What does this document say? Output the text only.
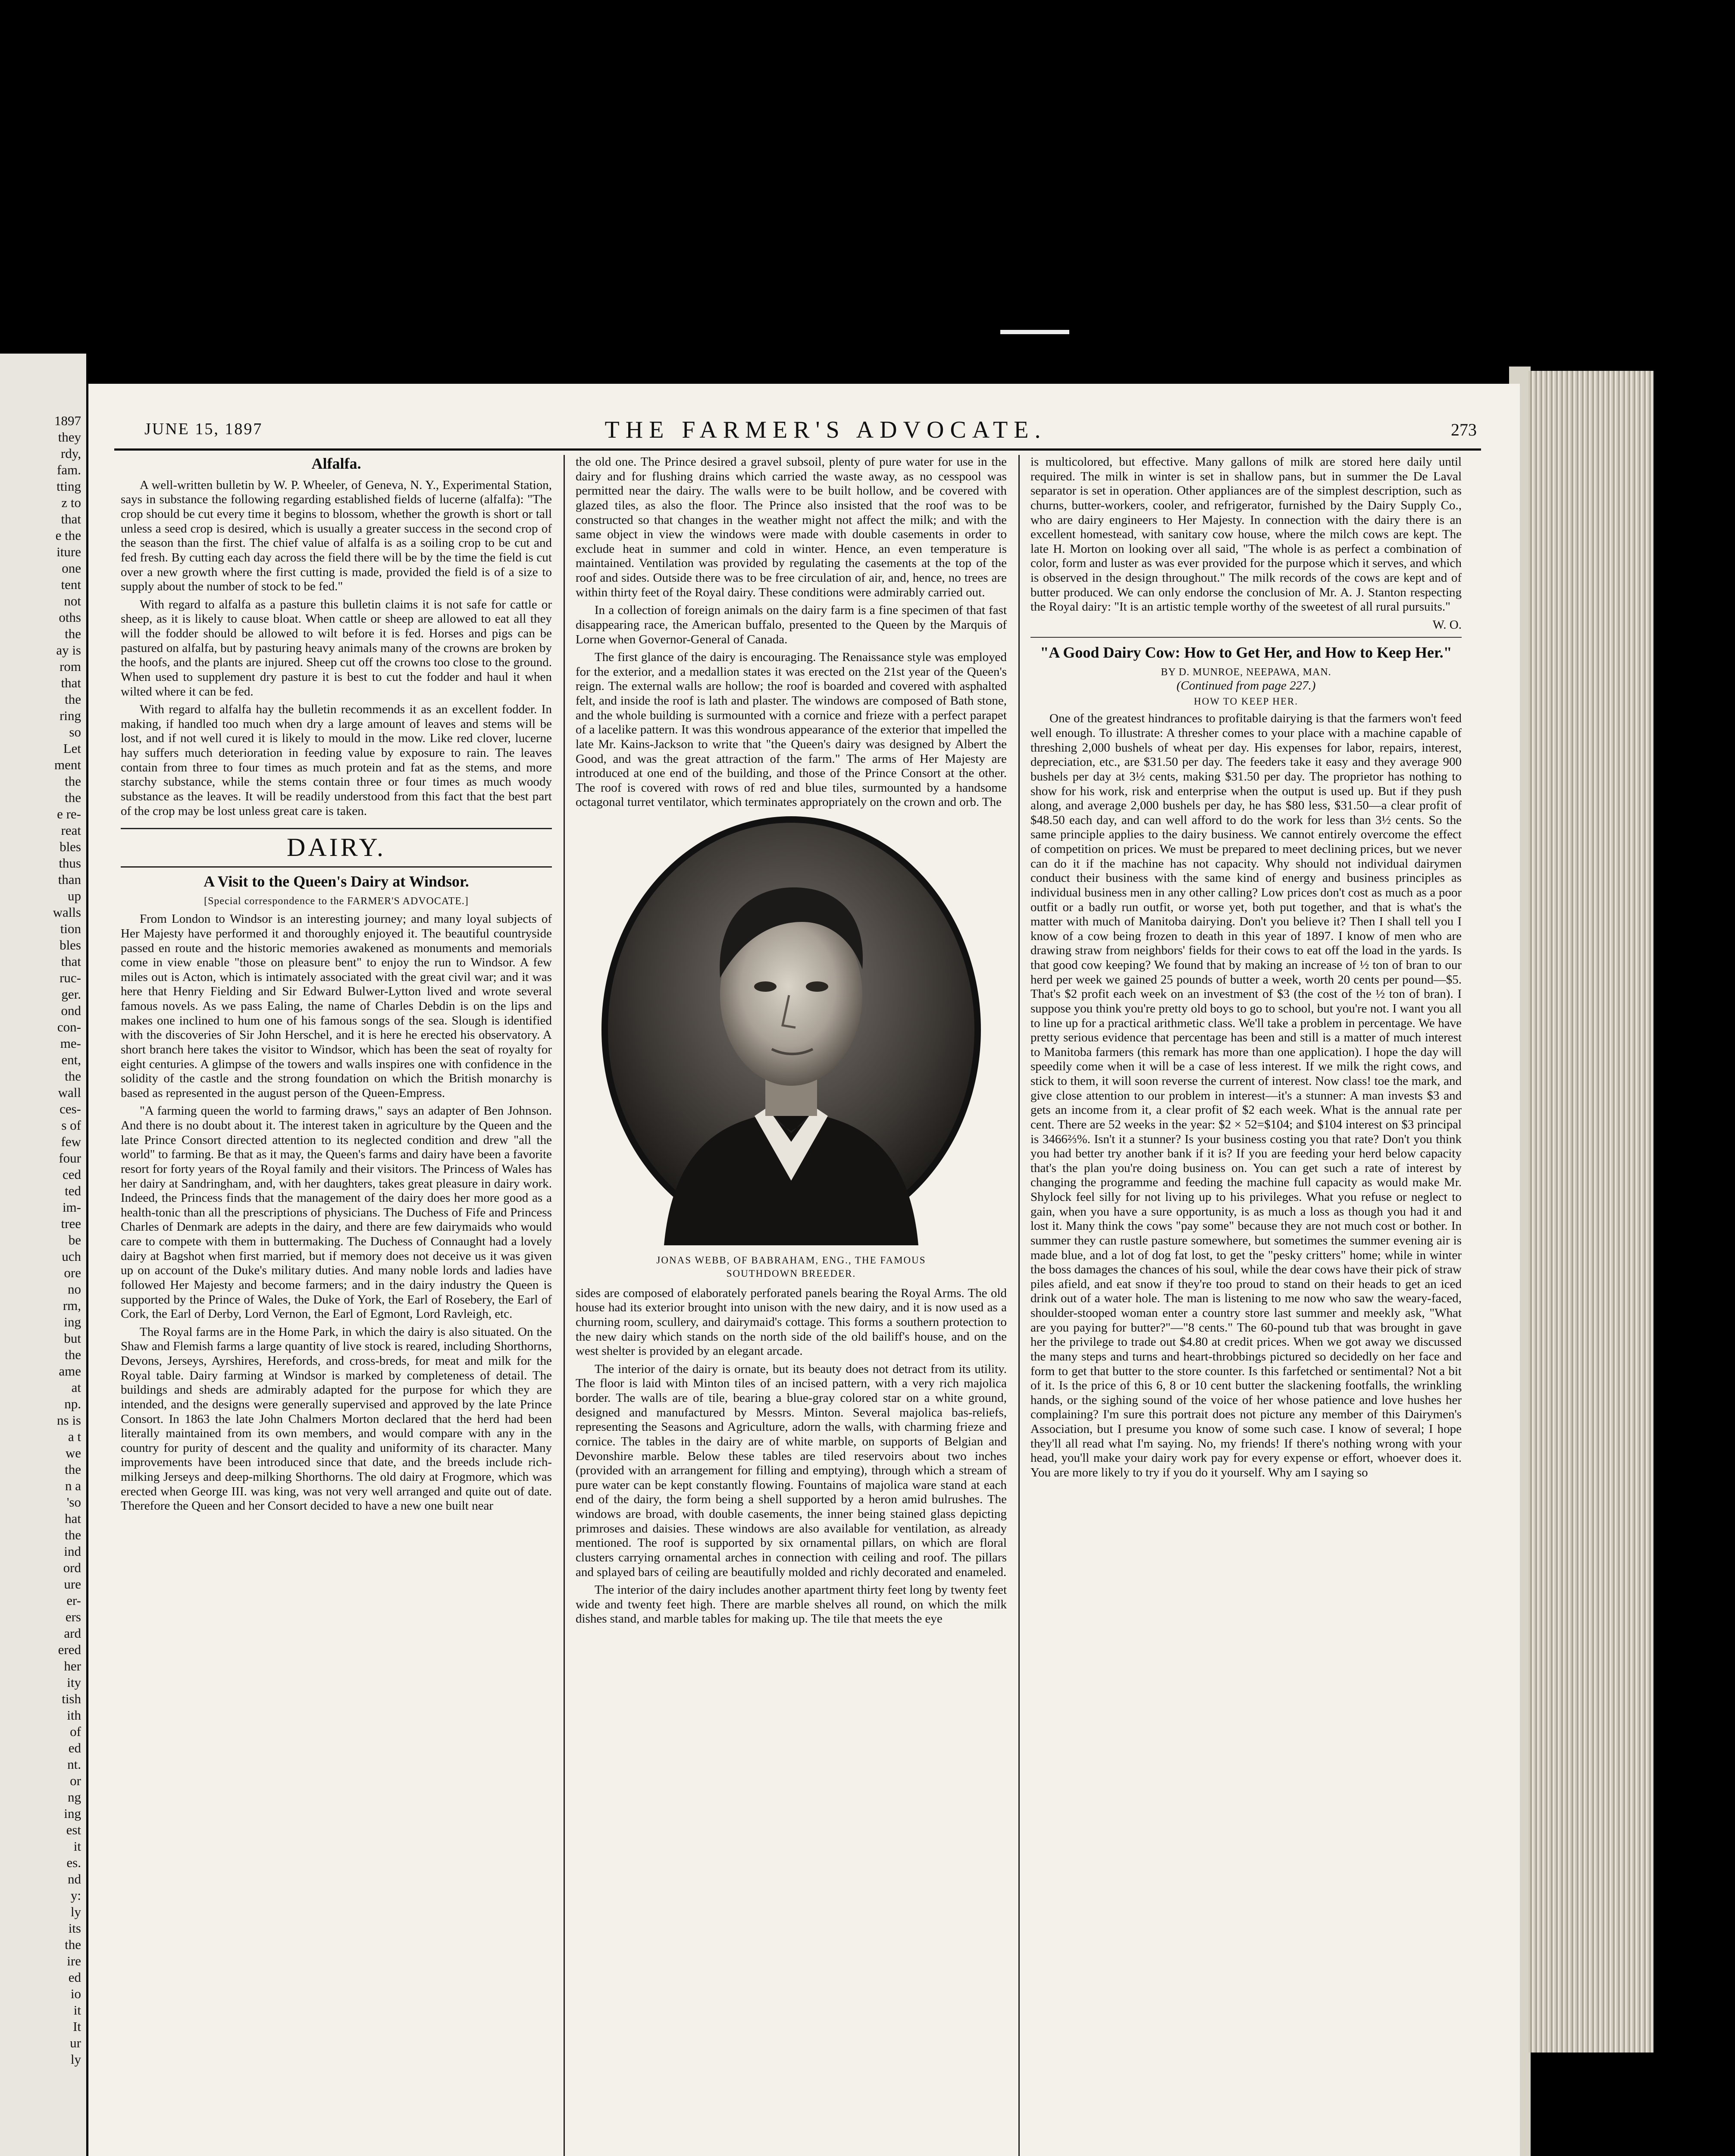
1897
they
rdy,
fam.
tting
z to
that
e the
iture
one
tent
not
oths
the
ay is
rom
that
the
ring
so
Let
ment
the
the
e re-
reat
bles
thus
than
up
walls
tion
bles
that
ruc-
ger.
ond
con-
me-
ent,
the
wall
ces-
s of
few
four
ced
ted
im-
tree
be
uch
ore
no
rm,
ing
but
the
ame
at
np.
ns is
a t
we
the
n a
'so
hat
the
ind
ord
ure
er-
ers
ard
ered
her
ity
tish
ith
of
ed
nt.
or
ng
ing
est
it
es.
nd
y:
ly
its
the
ire
ed
io
it
It
ur
ly
JUNE 15, 1897	THE FARMER'S ADVOCATE.	273
Alfalfa.

A well-written bulletin by W. P. Wheeler, of Geneva, N. Y., Experimental Station, says in substance the following regarding established fields of lucerne (alfalfa): "The crop should be cut every time it begins to blossom, whether the growth is short or tall unless a seed crop is desired, which is usually a greater success in the second crop of the season than the first. The chief value of alfalfa is as a soiling crop to be cut and fed fresh. By cutting each day across the field there will be by the time the field is cut over a new growth where the first cutting is made, provided the field is of a size to supply about the number of stock to be fed."

With regard to alfalfa as a pasture this bulletin claims it is not safe for cattle or sheep, as it is likely to cause bloat. When cattle or sheep are allowed to eat all they will the fodder should be allowed to wilt before it is fed. Horses and pigs can be pastured on alfalfa, but by pasturing heavy animals many of the crowns are broken by the hoofs, and the plants are injured. Sheep cut off the crowns too close to the ground. When used to supplement dry pasture it is best to cut the fodder and haul it when wilted where it can be fed.

With regard to alfalfa hay the bulletin recommends it as an excellent fodder. In making, if handled too much when dry a large amount of leaves and stems will be lost, and if not well cured it is likely to mould in the mow. Like red clover, lucerne hay suffers much deterioration in feeding value by exposure to rain. The leaves contain from three to four times as much protein and fat as the stems, and more starchy substance, while the stems contain three or four times as much woody substance as the leaves. It will be readily understood from this fact that the best part of the crop may be lost unless great care is taken.

DAIRY.
A Visit to the Queen's Dairy at Windsor.
[Special correspondence to the FARMER'S ADVOCATE.]

From London to Windsor is an interesting journey; and many loyal subjects of Her Majesty have performed it and thoroughly enjoyed it. The beautiful countryside passed en route and the historic memories awakened as monuments and memorials come in view enable "those on pleasure bent" to enjoy the run to Windsor. A few miles out is Acton, which is intimately associated with the great civil war; and it was here that Henry Fielding and Sir Edward Bulwer-Lytton lived and wrote several famous novels. As we pass Ealing, the name of Charles Debdin is on the lips and makes one inclined to hum one of his famous songs of the sea. Slough is identified with the discoveries of Sir John Herschel, and it is here he erected his observatory. A short branch here takes the visitor to Windsor, which has been the seat of royalty for eight centuries. A glimpse of the towers and walls inspires one with confidence in the solidity of the castle and the strong foundation on which the British monarchy is based as represented in the august person of the Queen-Empress.

"A farming queen the world to farming draws," says an adapter of Ben Johnson. And there is no doubt about it. The interest taken in agriculture by the Queen and the late Prince Consort directed attention to its neglected condition and drew "all the world" to farming. Be that as it may, the Queen's farms and dairy have been a favorite resort for forty years of the Royal family and their visitors. The Princess of Wales has her dairy at Sandringham, and, with her daughters, takes great pleasure in dairy work. Indeed, the Princess finds that the management of the dairy does her more good as a health-tonic than all the prescriptions of physicians. The Duchess of Fife and Princess Charles of Denmark are adepts in the dairy, and there are few dairymaids who would care to compete with them in buttermaking. The Duchess of Connaught had a lovely dairy at Bagshot when first married, but if memory does not deceive us it was given up on account of the Duke's military duties. And many noble lords and ladies have followed Her Majesty and become farmers; and in the dairy industry the Queen is supported by the Prince of Wales, the Duke of York, the Earl of Rosebery, the Earl of Cork, the Earl of Derby, Lord Vernon, the Earl of Egmont, Lord Ravleigh, etc.

The Royal farms are in the Home Park, in which the dairy is also situated. On the Shaw and Flemish farms a large quantity of live stock is reared, including Shorthorns, Devons, Jerseys, Ayrshires, Herefords, and cross-breds, for meat and milk for the Royal table. Dairy farming at Windsor is marked by completeness of detail. The buildings and sheds are admirably adapted for the purpose for which they are intended, and the designs were generally supervised and approved by the late Prince Consort. In 1863 the late John Chalmers Morton declared that the herd had been literally maintained from its own members, and would compare with any in the country for purity of descent and the quality and uniformity of its character. Many improvements have been introduced since that date, and the breeds include rich-milking Jerseys and deep-milking Shorthorns. The old dairy at Frogmore, which was erected when George III. was king, was not very well arranged and quite out of date. Therefore the Queen and her Consort decided to have a new one built near

the old one. The Prince desired a gravel subsoil, plenty of pure water for use in the dairy and for flushing drains which carried the waste away, as no cesspool was permitted near the dairy. The walls were to be built hollow, and be covered with glazed tiles, as also the floor. The Prince also insisted that the roof was to be constructed so that changes in the weather might not affect the milk; and with the same object in view the windows were made with double casements in order to exclude heat in summer and cold in winter. Hence, an even temperature is maintained. Ventilation was provided by regulating the casements at the top of the roof and sides. Outside there was to be free circulation of air, and, hence, no trees are within thirty feet of the Royal dairy. These conditions were admirably carried out.

In a collection of foreign animals on the dairy farm is a fine specimen of that fast disappearing race, the American buffalo, presented to the Queen by the Marquis of Lorne when Governor-General of Canada.

The first glance of the dairy is encouraging. The Renaissance style was employed for the exterior, and a medallion states it was erected on the 21st year of the Queen's reign. The external walls are hollow; the roof is boarded and covered with asphalted felt, and inside the roof is lath and plaster. The windows are composed of Bath stone, and the whole building is surmounted with a cornice and frieze with a perfect parapet of a lacelike pattern. It was this wondrous appearance of the exterior that impelled the late Mr. Kains-Jackson to write that "the Queen's dairy was designed by Albert the Good, and was the great attraction of the farm." The arms of Her Majesty are introduced at one end of the building, and those of the Prince Consort at the other. The roof is covered with rows of red and blue tiles, surmounted by a handsome octagonal turret ventilator, which terminates appropriately on the crown and orb. The

JONAS WEBB, OF BABRAHAM, ENG., THE FAMOUS
SOUTHDOWN BREEDER.

sides are composed of elaborately perforated panels bearing the Royal Arms. The old house had its exterior brought into unison with the new dairy, and it is now used as a churning room, scullery, and dairymaid's cottage. This forms a southern protection to the new dairy which stands on the north side of the old bailiff's house, and on the west shelter is provided by an elegant arcade.

The interior of the dairy is ornate, but its beauty does not detract from its utility. The floor is laid with Minton tiles of an incised pattern, with a very rich majolica border. The walls are of tile, bearing a blue-gray colored star on a white ground, designed and manufactured by Messrs. Minton. Several majolica bas-reliefs, representing the Seasons and Agriculture, adorn the walls, with charming frieze and cornice. The tables in the dairy are of white marble, on supports of Belgian and Devonshire marble. Below these tables are tiled reservoirs about two inches (provided with an arrangement for filling and emptying), through which a stream of pure water can be kept constantly flowing. Fountains of majolica ware stand at each end of the dairy, the form being a shell supported by a heron amid bulrushes. The windows are broad, with double casements, the inner being stained glass depicting primroses and daisies. These windows are also available for ventilation, as already mentioned. The roof is supported by six ornamental pillars, on which are floral clusters carrying ornamental arches in connection with ceiling and roof. The pillars and splayed bars of ceiling are beautifully molded and richly decorated and enameled.

The interior of the dairy includes another apartment thirty feet long by twenty feet wide and twenty feet high. There are marble shelves all round, on which the milk dishes stand, and marble tables for making up. The tile that meets the eye

is multicolored, but effective. Many gallons of milk are stored here daily until required. The milk in winter is set in shallow pans, but in summer the De Laval separator is set in operation. Other appliances are of the simplest description, such as churns, butter-workers, cooler, and refrigerator, furnished by the Dairy Supply Co., who are dairy engineers to Her Majesty. In connection with the dairy there is an excellent homestead, with sanitary cow house, where the milch cows are kept. The late H. Morton on looking over all said, "The whole is as perfect a combination of color, form and luster as was ever provided for the purpose which it serves, and which is observed in the design throughout." The milk records of the cows are kept and of butter produced. We can only endorse the conclusion of Mr. A. J. Stanton respecting the Royal dairy: "It is an artistic temple worthy of the sweetest of all rural pursuits."

W. O.
"A Good Dairy Cow: How to Get Her, and How to Keep Her."
BY D. MUNROE, NEEPAWA, MAN.
(Continued from page 227.)
HOW TO KEEP HER.

One of the greatest hindrances to profitable dairying is that the farmers won't feed well enough. To illustrate: A thresher comes to your place with a machine capable of threshing 2,000 bushels of wheat per day. His expenses for labor, repairs, interest, depreciation, etc., are $31.50 per day. The feeders take it easy and they average 900 bushels per day at 3½ cents, making $31.50 per day. The proprietor has nothing to show for his work, risk and enterprise when the output is used up. But if they push along, and average 2,000 bushels per day, he has $80 less, $31.50—a clear profit of $48.50 each day, and can well afford to do the work for less than 3½ cents. So the same principle applies to the dairy business. We cannot entirely overcome the effect of competition on prices. We must be prepared to meet declining prices, but we never can do it if the machine has not capacity. Why should not individual dairymen conduct their business with the same kind of energy and business principles as individual business men in any other calling? Low prices don't cost as much as a poor outfit or a badly run outfit, or worse yet, both put together, and that is what's the matter with much of Manitoba dairying. Don't you believe it? Then I shall tell you I know of a cow being frozen to death in this year of 1897. I know of men who are drawing straw from neighbors' fields for their cows to eat off the load in the yards. Is that good cow keeping? We found that by making an increase of ½ ton of bran to our herd per week we gained 25 pounds of butter a week, worth 20 cents per pound—$5. That's $2 profit each week on an investment of $3 (the cost of the ½ ton of bran). I suppose you think you're pretty old boys to go to school, but you're not. I want you all to line up for a practical arithmetic class. We'll take a problem in percentage. We have pretty serious evidence that percentage has been and still is a matter of much interest to Manitoba farmers (this remark has more than one application). I hope the day will speedily come when it will be a case of less interest. If we milk the right cows, and stick to them, it will soon reverse the current of interest. Now class! toe the mark, and give close attention to our problem in interest—it's a stunner: A man invests $3 and gets an income from it, a clear profit of $2 each week. What is the annual rate per cent. There are 52 weeks in the year: $2 × 52=$104; and $104 interest on $3 principal is 3466⅔%. Isn't it a stunner? Is your business costing you that rate? Don't you think you had better try another bank if it is? If you are feeding your herd below capacity that's the plan you're doing business on. You can get such a rate of interest by changing the programme and feeding the machine full capacity as would make Mr. Shylock feel silly for not living up to his privileges. What you refuse or neglect to gain, when you have a sure opportunity, is as much a loss as though you had it and lost it. Many think the cows "pay some" because they are not much cost or bother. In summer they can rustle pasture somewhere, but sometimes the summer evening air is made blue, and a lot of dog fat lost, to get the "pesky critters" home; while in winter the boss damages the chances of his soul, while the dear cows have their pick of straw piles afield, and eat snow if they're too proud to stand on their heads to get an iced drink out of a water hole. The man is listening to me now who saw the weary-faced, shoulder-stooped woman enter a country store last summer and meekly ask, "What are you paying for butter?"—"8 cents." The 60-pound tub that was brought in gave her the privilege to trade out $4.80 at credit prices. When we got away we discussed the many steps and turns and heart-throbbings pictured so decidedly on her face and form to get that butter to the store counter. Is this farfetched or sentimental? Not a bit of it. Is the price of this 6, 8 or 10 cent butter the slackening footfalls, the wrinkling hands, or the sighing sound of the voice of her whose patience and love hushes her complaining? I'm sure this portrait does not picture any member of this Dairymen's Association, but I presume you know of some such case. I know of several; I hope they'll all read what I'm saying. No, my friends! If there's nothing wrong with your head, you'll make your dairy work pay for every expense or effort, whoever does it. You are more likely to try if you do it yourself. Why am I saying so
